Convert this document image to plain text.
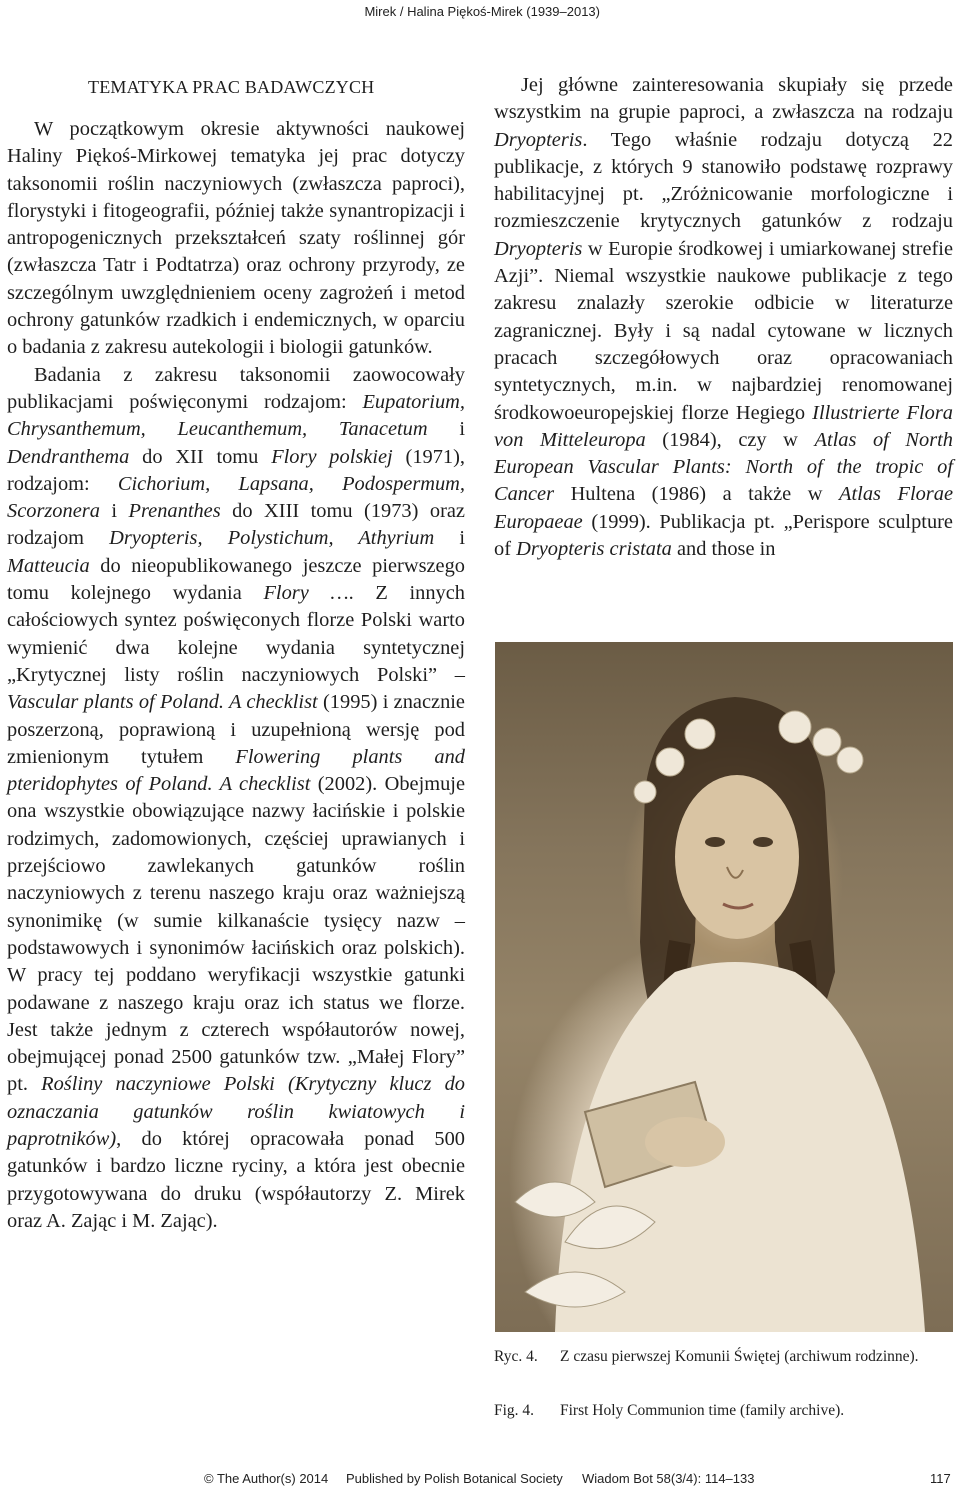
Mirek / Halina Piękoś-Mirek (1939–2013)
TEMATYKA PRAC BADAWCZYCH

W początkowym okresie aktywności naukowej Haliny Piękoś-Mirkowej tematyka jej prac dotyczy taksonomii roślin naczyniowych (zwłaszcza paproci), florystyki i fitogeografii, później także synantropizacji i antropogenicznych przekształceń szaty roślinnej gór (zwłaszcza Tatr i Podtatrza) oraz ochrony przyrody, ze szczególnym uwzględnieniem oceny zagrożeń i metod ochrony gatunków rzadkich i endemicznych, w oparciu o badania z zakresu autekologii i biologii gatunków.

Badania z zakresu taksonomii zaowocowały publikacjami poświęconymi rodzajom: Eupatorium, Chrysanthemum, Leucanthemum, Tanacetum i Dendranthema do XII tomu Flory polskiej (1971), rodzajom: Cichorium, Lapsana, Podospermum, Scorzonera i Prenanthes do XIII tomu (1973) oraz rodzajom Dryopteris, Polystichum, Athyrium i Matteucia do nieopublikowanego jeszcze pierwszego tomu kolejnego wydania Flory …. Z innych całościowych syntez poświęconych florze Polski warto wymienić dwa kolejne wydania syntetycznej „Krytycznej listy roślin naczyniowych Polski” – Vascular plants of Poland. A checklist (1995) i znacznie poszerzoną, poprawioną i uzupełnioną wersję pod zmienionym tytułem Flowering plants and pteridophytes of Poland. A checklist (2002). Obejmuje ona wszystkie obowiązujące nazwy łacińskie i polskie rodzimych, zadomowionych, częściej uprawianych i przejściowo zawlekanych gatunków roślin naczyniowych z terenu naszego kraju oraz ważniejszą synonimikę (w sumie kilkanaście tysięcy nazw – podstawowych i synonimów łacińskich oraz polskich). W pracy tej poddano weryfikacji wszystkie gatunki podawane z naszego kraju oraz ich status we florze. Jest także jednym z czterech współautorów nowej, obejmującej ponad 2500 gatunków tzw. „Małej Flory” pt. Rośliny naczyniowe Polski (Krytyczny klucz do oznaczania gatunków roślin kwiatowych i paprotników), do której opracowała ponad 500 gatunków i bardzo liczne ryciny, a która jest obecnie przygotowywana do druku (współautorzy Z. Mirek oraz A. Zając i M. Zając).

Jej główne zainteresowania skupiały się przede wszystkim na grupie paproci, a zwłaszcza na rodzaju Dryopteris. Tego właśnie rodzaju dotyczą 22 publikacje, z których 9 stanowiło podstawę rozprawy habilitacyjnej pt. „Zróżnicowanie morfologiczne i rozmieszczenie krytycznych gatunków z rodzaju Dryopteris w Europie środkowej i umiarkowanej strefie Azji”. Niemal wszystkie naukowe publikacje z tego zakresu znalazły szerokie odbicie w literaturze zagranicznej. Były i są nadal cytowane w licznych pracach szczegółowych oraz opracowaniach syntetycznych, m.in. w najbardziej renomowanej środkowoeuropejskiej florze Hegiego Illustrierte Flora von Mitteleuropa (1984), czy w Atlas of North European Vascular Plants: North of the tropic of Cancer Hultena (1986) a także w Atlas Florae Europaeae (1999). Publikacja pt. „Perispore sculpture of Dryopteris cristata and those in

Ryc. 4. Z czasu pierwszej Komunii Świętej (archiwum rodzinne).
Fig. 4. First Holy Communion time (family archive).
© The Author(s) 2014 Published by Polish Botanical Society Wiadom Bot 58(3/4): 114–133	117
